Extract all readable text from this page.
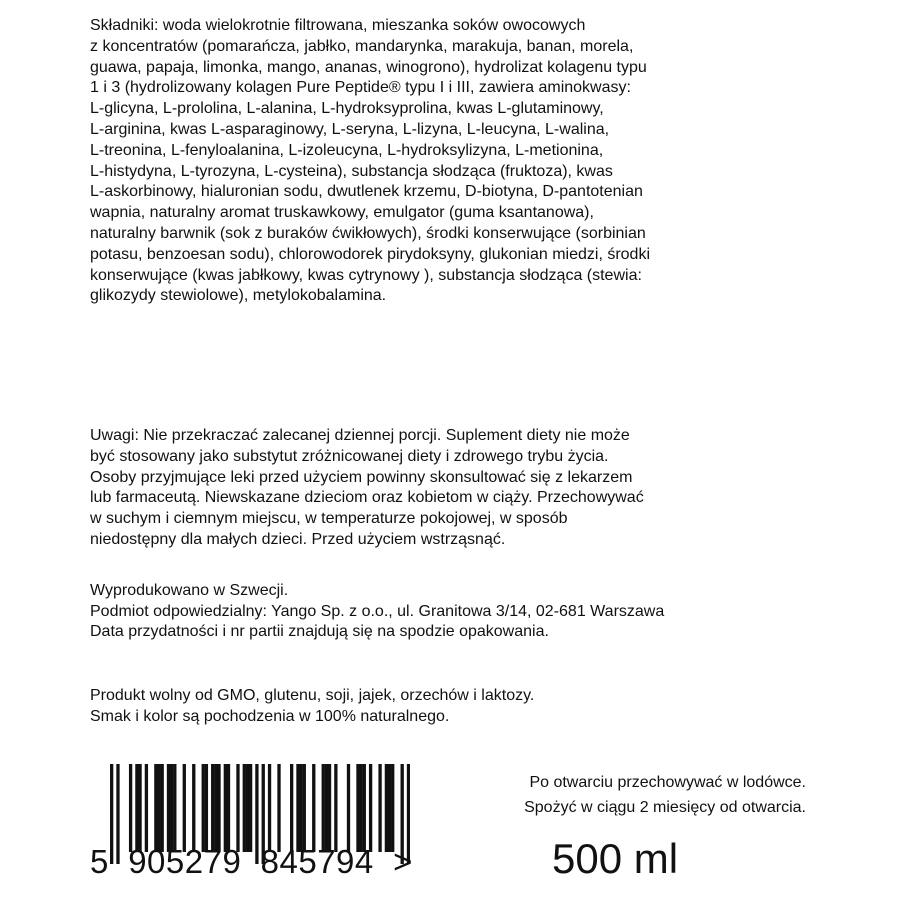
Składniki: woda wielokrotnie filtrowana, mieszanka soków owocowych
z koncentratów (pomarańcza, jabłko, mandarynka, marakuja, banan, morela,
guawa, papaja, limonka, mango, ananas, winogrono), hydrolizat kolagenu typu
1 i 3 (hydrolizowany kolagen Pure Peptide® typu I i III, zawiera aminokwasy:
L-glicyna, L-prololina, L-alanina, L-hydroksyprolina, kwas L-glutaminowy,
L-arginina, kwas L-asparaginowy, L-seryna, L-lizyna, L-leucyna, L-walina,
L-treonina, L-fenyloalanina, L-izoleucyna, L-hydroksylizyna, L-metionina,
L-histydyna, L-tyrozyna, L-cysteina), substancja słodząca (fruktoza), kwas
L-askorbinowy, hialuronian sodu, dwutlenek krzemu, D-biotyna, D-pantotenian
wapnia, naturalny aromat truskawkowy, emulgator (guma ksantanowa),
naturalny barwnik (sok z buraków ćwikłowych), środki konserwujące (sorbinian
potasu, benzoesan sodu), chlorowodorek pirydoksyny, glukonian miedzi, środki
konserwujące (kwas jabłkowy, kwas cytrynowy ), substancja słodząca (stewia:
glikozydy stewiolowe), metylokobalamina.
Uwagi: Nie przekraczać zalecanej dziennej porcji. Suplement diety nie może
być stosowany jako substytut zróżnicowanej diety i zdrowego trybu życia.
Osoby przyjmujące leki przed użyciem powinny skonsultować się z lekarzem
lub farmaceutą. Niewskazane dzieciom oraz kobietom w ciąży. Przechowywać
w suchym i ciemnym miejscu, w temperaturze pokojowej, w sposób
niedostępny dla małych dzieci. Przed użyciem wstrząsnąć.
Wyprodukowano w Szwecji.
Podmiot odpowiedzialny: Yango Sp. z o.o., ul. Granitowa 3/14, 02-681 Warszawa
Data przydatności i nr partii znajdują się na spodzie opakowania.
Produkt wolny od GMO, glutenu, soji, jajek, orzechów i laktozy.
Smak i kolor są pochodzenia w 100% naturalnego.
5  905279  845794  >
Po otwarciu przechowywać w lodówce.
Spożyć w ciągu 2 miesięcy od otwarcia.
500 ml
